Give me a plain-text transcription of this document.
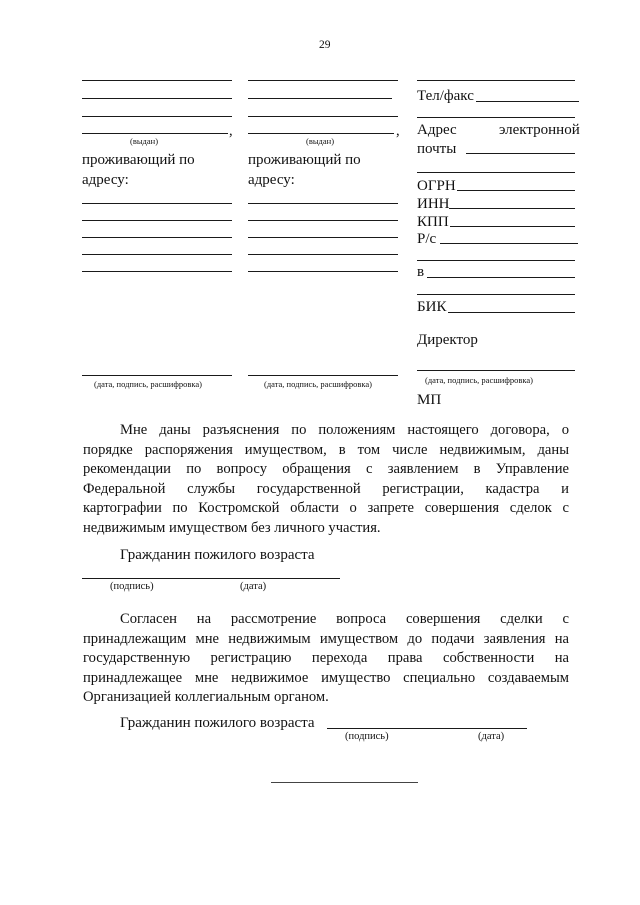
29
,
(выдан)
проживающий по
адресу:
(дата, подпись, расшифровка)
,
(выдан)
проживающий по
адресу:
(дата, подпись, расшифровка)
Тел/факс
Адрес	электронной
почты
ОГРН
ИНН
КПП
Р/с
в
БИК
Директор
(дата, подпись, расшифровка)
МП
Мне даны разъяснения по положениям настоящего договора, о
порядке распоряжения имуществом, в том числе недвижимым, даны
рекомендации по вопросу обращения с заявлением в Управление
Федеральной службы государственной регистрации, кадастра и
картографии по Костромской области о запрете совершения сделок с
недвижимым имуществом без личного участия.
Гражданин пожилого возраста
(подпись)	(дата)
Согласен на рассмотрение вопроса совершения сделки с
принадлежащим мне недвижимым имуществом до подачи заявления на
государственную регистрацию перехода права собственности на
принадлежащее мне недвижимое имущество специально создаваемым
Организацией коллегиальным органом.
Гражданин пожилого возраста
(подпись)	(дата)
